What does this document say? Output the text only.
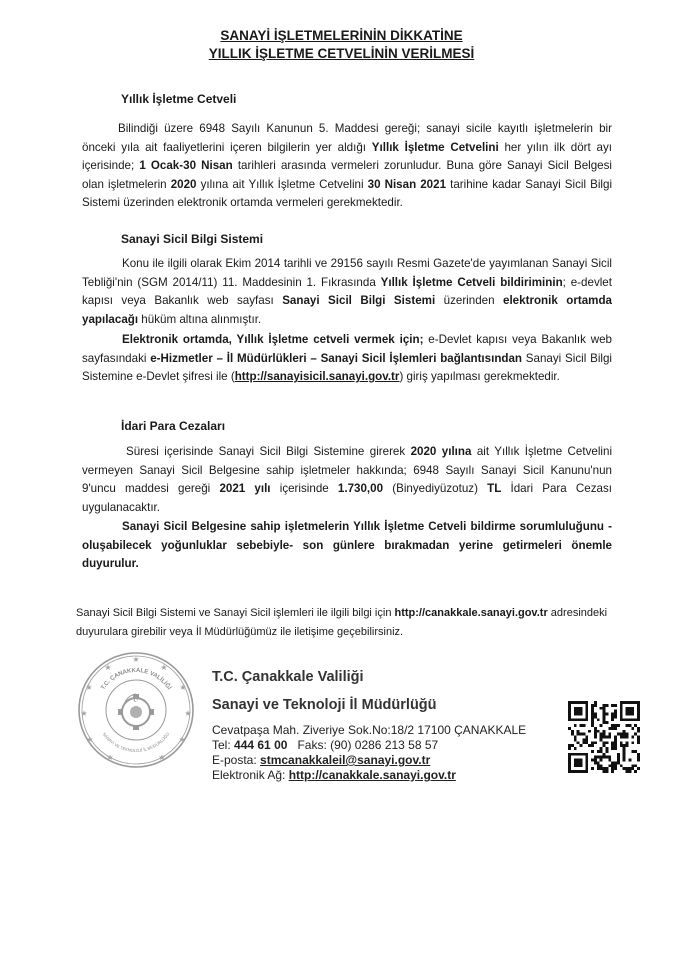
SANAYİ İŞLETMELERİNİN DİKKATİNE
YILLIK İŞLETME CETVELİNİN VERİLMESİ
Yıllık İşletme Cetveli
Bilindiği üzere 6948 Sayılı Kanunun 5. Maddesi gereği; sanayi sicile kayıtlı işletmelerin bir önceki yıla ait faaliyetlerini içeren bilgilerin yer aldığı Yıllık İşletme Cetvelini her yılın ilk dört ayı içerisinde; 1 Ocak-30 Nisan tarihleri arasında vermeleri zorunludur. Buna göre Sanayi Sicil Belgesi olan işletmelerin 2020 yılına ait Yıllık İşletme Cetvelini 30 Nisan 2021 tarihine kadar Sanayi Sicil Bilgi Sistemi üzerinden elektronik ortamda vermeleri gerekmektedir.
Sanayi Sicil Bilgi Sistemi
Konu ile ilgili olarak Ekim 2014 tarihli ve 29156 sayılı Resmi Gazete'de yayımlanan Sanayi Sicil Tebliği'nin (SGM 2014/11) 11. Maddesinin 1. Fıkrasında Yıllık İşletme Cetveli bildiriminin; e-devlet kapısı veya Bakanlık web sayfası Sanayi Sicil Bilgi Sistemi üzerinden elektronik ortamda yapılacağı hüküm altına alınmıştır.
Elektronik ortamda, Yıllık İşletme cetveli vermek için; e-Devlet kapısı veya Bakanlık web sayfasındaki e-Hizmetler – İl Müdürlükleri – Sanayi Sicil İşlemleri bağlantısından Sanayi Sicil Bilgi Sistemine e-Devlet şifresi ile (http://sanayisicil.sanayi.gov.tr) giriş yapılması gerekmektedir.
İdari Para Cezaları
Süresi içerisinde Sanayi Sicil Bilgi Sistemine girerek 2020 yılına ait Yıllık İşletme Cetvelini vermeyen Sanayi Sicil Belgesine sahip işletmeler hakkında; 6948 Sayılı Sanayi Sicil Kanunu'nun 9'uncu maddesi gereği 2021 yılı içerisinde 1.730,00 (Binyediyüzotuz) TL İdari Para Cezası uygulanacaktır.
Sanayi Sicil Belgesine sahip işletmelerin Yıllık İşletme Cetveli bildirme sorumluluğunu -oluşabilecek yoğunluklar sebebiyle- son günlere bırakmadan yerine getirmeleri önemle duyurulur.
Sanayi Sicil Bilgi Sistemi ve Sanayi Sicil işlemleri ile ilgili bilgi için http://canakkale.sanayi.gov.tr adresindeki duyurulara girebilir veya İl Müdürlüğümüz ile iletişime geçebilirsiniz.
★
★
★
★
★
★
★
★
★
★
★
T.C. ÇANAKKALE VALİLİĞİ
SANAYİ VE TEKNOLOJİ İL MÜDÜRLÜĞÜ
☪
T.C. Çanakkale Valiliği
Sanayi ve Teknoloji İl Müdürlüğü
Cevatpaşa Mah. Ziveriye Sok.No:18/2 17100 ÇANAKKALE
Tel: 444 61 00 Faks: (90) 0286 213 58 57
E-posta: stmcanakkaleil@sanayi.gov.tr
Elektronik Ağ: http://canakkale.sanayi.gov.tr
